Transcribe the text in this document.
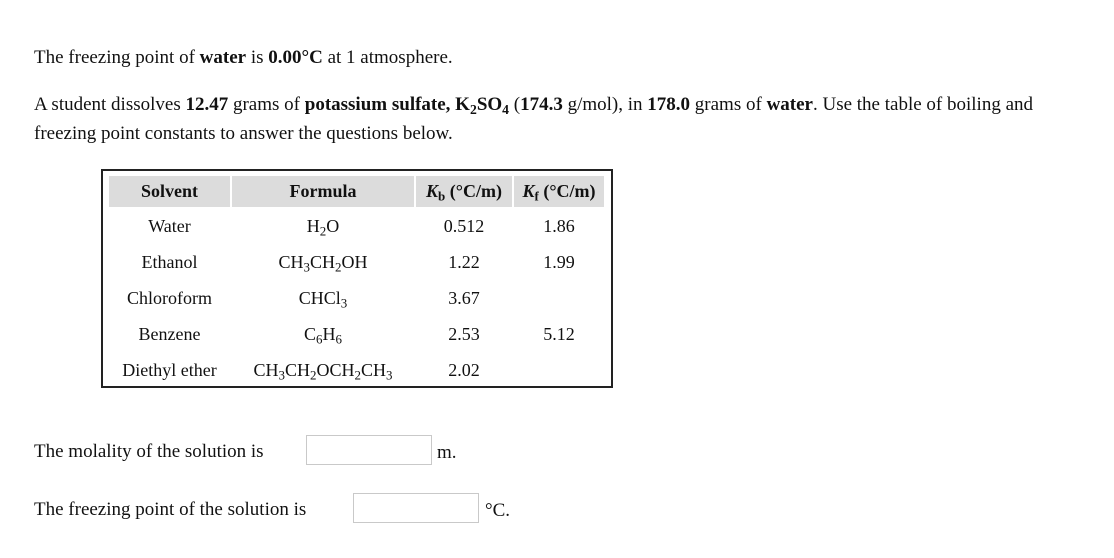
The freezing point of water is 0.00°C at 1 atmosphere.
A student dissolves 12.47 grams of potassium sulfate, $K_2SO_4$ (174.3 g/mol), in 178.0 grams of water. Use the table of boiling and freezing point constants to answer the questions below.
Solvent	Formula	$K_b$ (°C/m)	$K_f$ (°C/m)
Water	$H_2O$	0.512	1.86
Ethanol	$CH_3CH_2OH$	1.22	1.99
Chloroform	CHCl$_3$	3.67	
Benzene	$C_6H_6$	2.53	5.12
Diethyl ether	$CH_3CH_2OCH_2CH_3$	2.02	
The molality of the solution is	m.
The freezing point of the solution is	°C.
